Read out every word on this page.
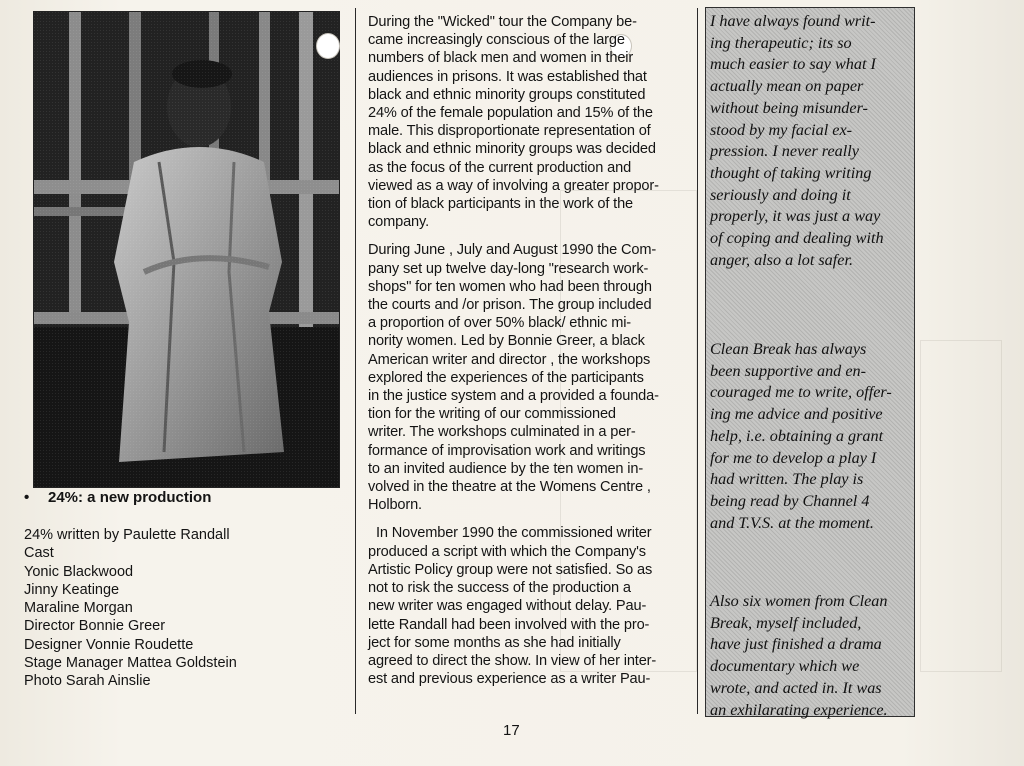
• 24%: a new production
24% written by Paulette Randall
Cast
Yonic Blackwood
Jinny Keatinge
Maraline Morgan
Director Bonnie Greer
Designer Vonnie Roudette
Stage Manager Mattea Goldstein
Photo Sarah Ainslie

During the "Wicked" tour the Company be-
came increasingly conscious of the large
numbers of black men and women in their
audiences in prisons. It was established that
black and ethnic minority groups constituted
24% of the female population and 15% of the
male. This disproportionate representation of
black and ethnic minority groups was decided
as the focus of the current production and
viewed as a way of involving a greater propor-
tion of black participants in the work of the
company.

During June , July and August 1990 the Com-
pany set up twelve day-long "research work-
shops" for ten women who had been through
the courts and /or prison. The group included
a proportion of over 50% black/ ethnic mi-
nority women. Led by Bonnie Greer, a black
American writer and director , the workshops
explored the experiences of the participants
in the justice system and a provided a founda-
tion for the writing of our commissioned
writer. The workshops culminated in a per-
formance of improvisation work and writings
to an invited audience by the ten women in-
volved in the theatre at the Womens Centre ,
Holborn.

In November 1990 the commissioned writer
produced a script with which the Company's
Artistic Policy group were not satisfied. So as
not to risk the success of the production a
new writer was engaged without delay. Pau-
lette Randall had been involved with the pro-
ject for some months as she had initially
agreed to direct the show. In view of her inter-
est and previous experience as a writer Pau-

I have always found writ-
ing therapeutic; its so
much easier to say what I
actually mean on paper
without being misunder-
stood by my facial ex-
pression. I never really
thought of taking writing
seriously and doing it
properly, it was just a way
of coping and dealing with
anger, also a lot safer.

Clean Break has always
been supportive and en-
couraged me to write, offer-
ing me advice and positive
help, i.e. obtaining a grant
for me to develop a play I
had written. The play is
being read by Channel 4
and T.V.S. at the moment.

Also six women from Clean
Break, myself included,
have just finished a drama
documentary which we
wrote, and acted in. It was
an exhilarating experience.

17
